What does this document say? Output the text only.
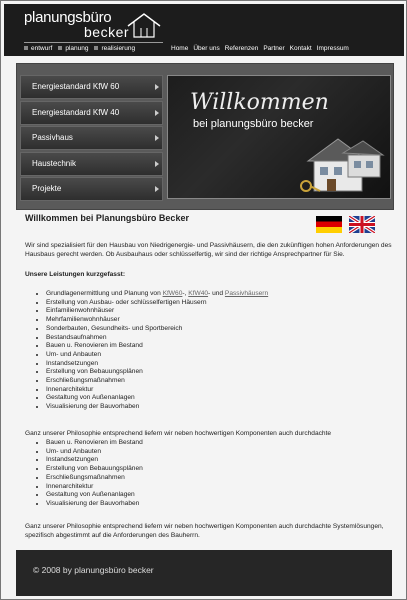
planungsbüro
becker
entwurf	planung	realisierung	Home Über uns Referenzen Partner Kontakt Impressum
Energiestandard KfW 60
Energiestandard KfW 40
Passivhaus
Haustechnik
Projekte
Willkommen
bei planungsbüro becker
Willkommen bei Planungsbüro Becker

Wir sind spezialisiert für den Hausbau von Niedrigenergie- und Passivhäusern, die den zukünftigen hohen Anforderungen des Hausbaus gerecht werden. Ob Ausbauhaus oder schlüsselfertig, wir sind der richtige Ansprechpartner für Sie.

Unsere Leistungen kurzgefasst:

• Grundlagenermittlung und Planung von KfW60-, KfW40- und Passivhäusern
• Erstellung von Ausbau- oder schlüsselfertigen Häusern
• Einfamilienwohnhäuser
• Mehrfamilienwohnhäuser
• Sonderbauten, Gesundheits- und Sportbereich
• Bestandsaufnahmen
• Bauen u. Renovieren im Bestand
• Um- und Anbauten
• Instandsetzungen
• Erstellung von Bebauungsplänen
• Erschließungsmaßnahmen
• Innenarchitektur
• Gestaltung von Außenanlagen
• Visualisierung der Bauvorhaben

Ganz unserer Philosophie entsprechend liefern wir neben hochwertigen Komponenten auch durchdachte

• Bauen u. Renovieren im Bestand
• Um- und Anbauten
• Instandsetzungen
• Erstellung von Bebauungsplänen
• Erschließungsmaßnahmen
• Innenarchitektur
• Gestaltung von Außenanlagen
• Visualisierung der Bauvorhaben

Ganz unserer Philosophie entsprechend liefern wir neben hochwertigen Komponenten auch durchdachte Systemlösungen, spezifisch abgestimmt auf die Anforderungen des Bauherrn.

© 2008 by planungsbüro becker
